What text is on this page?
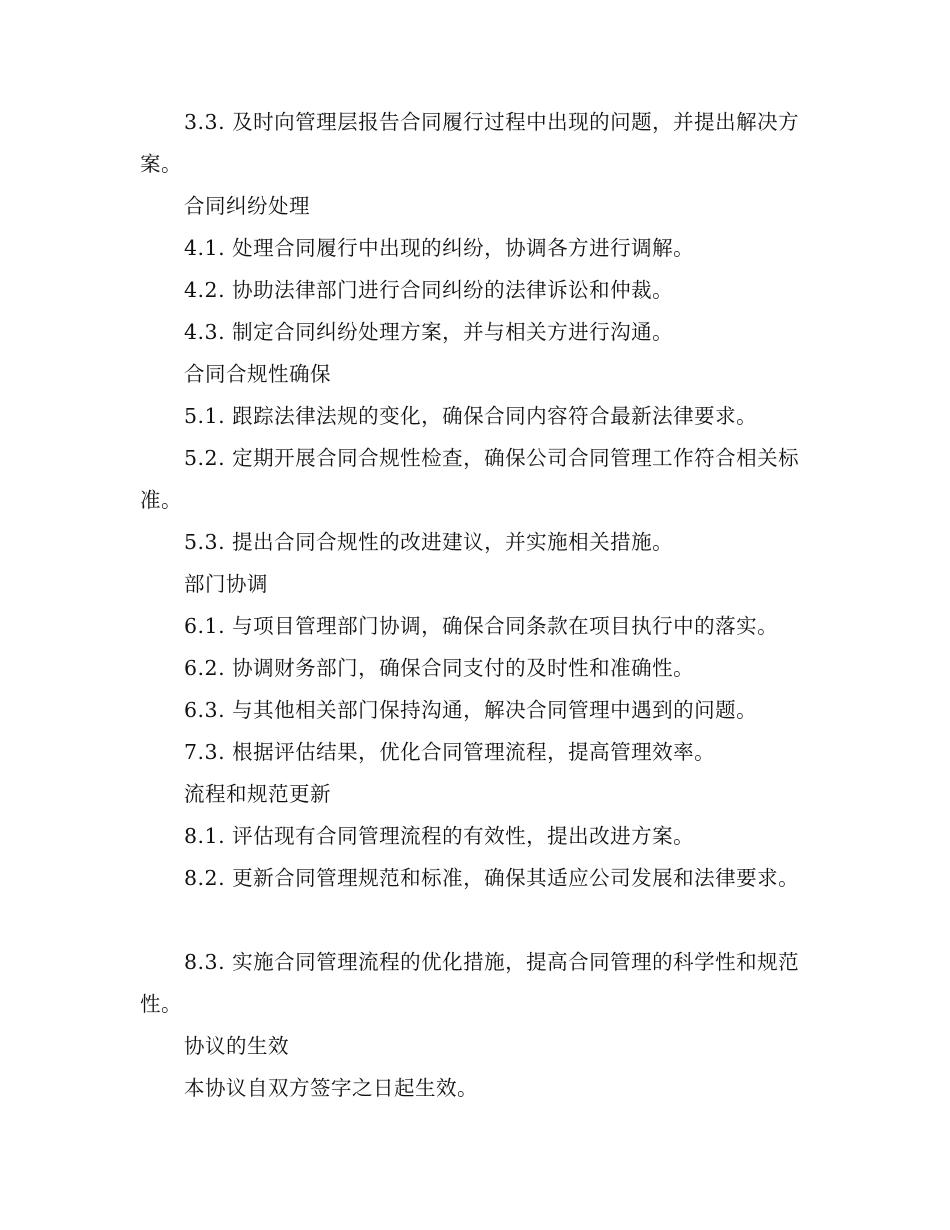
3.3. 及时向管理层报告合同履行过程中出现的问题，并提出解决方案。

合同纠纷处理

4.1. 处理合同履行中出现的纠纷，协调各方进行调解。

4.2. 协助法律部门进行合同纠纷的法律诉讼和仲裁。

4.3. 制定合同纠纷处理方案，并与相关方进行沟通。

合同合规性确保

5.1. 跟踪法律法规的变化，确保合同内容符合最新法律要求。

5.2. 定期开展合同合规性检查，确保公司合同管理工作符合相关标准。

5.3. 提出合同合规性的改进建议，并实施相关措施。

部门协调

6.1. 与项目管理部门协调，确保合同条款在项目执行中的落实。

6.2. 协调财务部门，确保合同支付的及时性和准确性。

6.3. 与其他相关部门保持沟通，解决合同管理中遇到的问题。

7.3. 根据评估结果，优化合同管理流程，提高管理效率。

流程和规范更新

8.1. 评估现有合同管理流程的有效性，提出改进方案。

8.2. 更新合同管理规范和标准，确保其适应公司发展和法律要求。

8.3. 实施合同管理流程的优化措施，提高合同管理的科学性和规范性。

协议的生效

本协议自双方签字之日起生效。
